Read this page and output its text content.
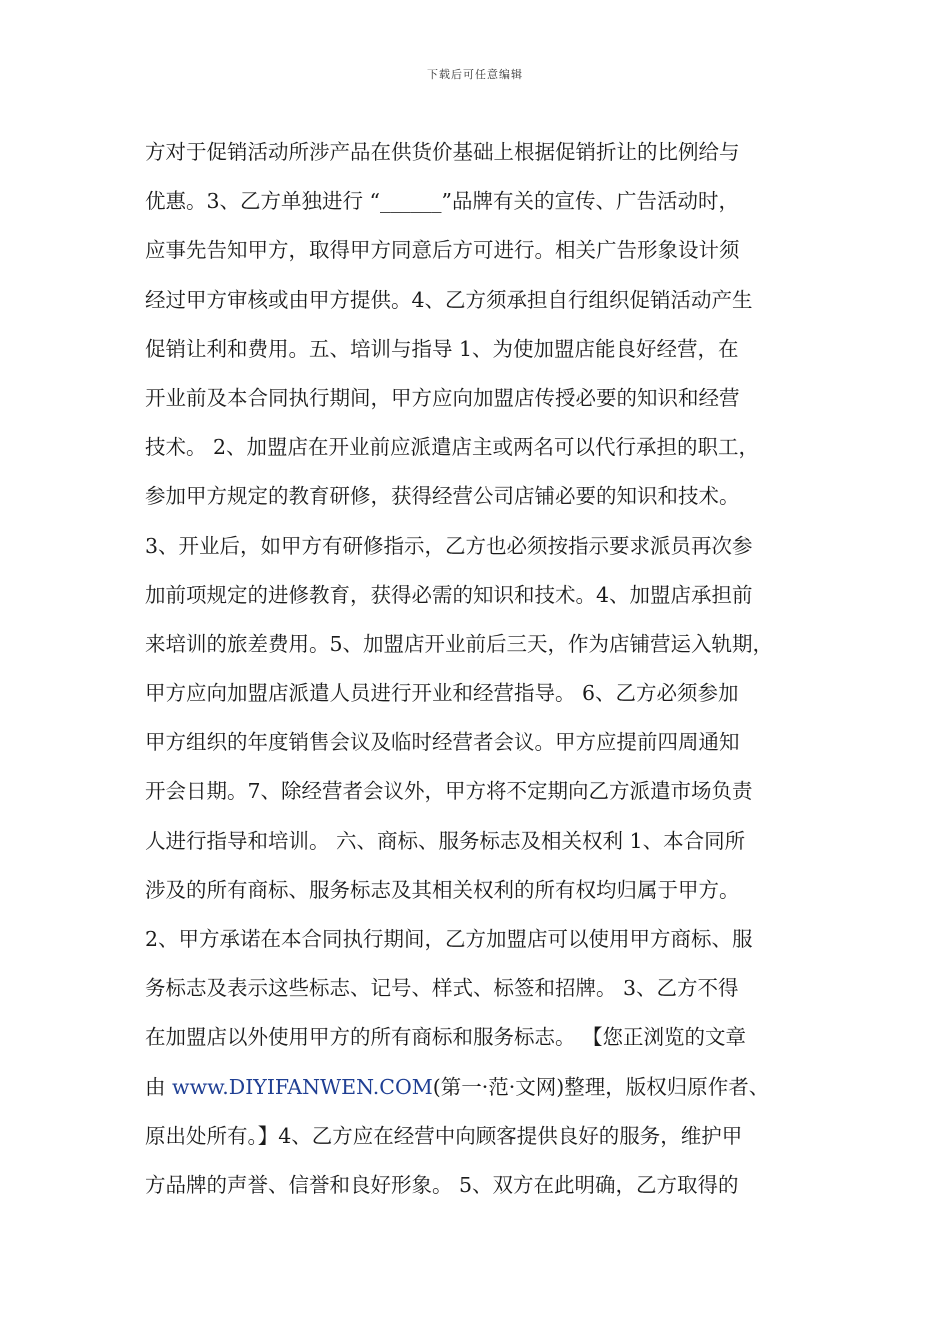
下载后可任意编辑
方对于促销活动所涉产品在供货价基础上根据促销折让的比例给与
优惠。3、乙方单独进行 “______”品牌有关的宣传、广告活动时，
应事先告知甲方，取得甲方同意后方可进行。相关广告形象设计须
经过甲方审核或由甲方提供。4、乙方须承担自行组织促销活动产生
促销让利和费用。五、培训与指导 1、为使加盟店能良好经营，在
开业前及本合同执行期间，甲方应向加盟店传授必要的知识和经营
技术。 2、加盟店在开业前应派遣店主或两名可以代行承担的职工，
参加甲方规定的教育研修，获得经营公司店铺必要的知识和技术。
3、开业后，如甲方有研修指示，乙方也必须按指示要求派员再次参
加前项规定的进修教育，获得必需的知识和技术。4、加盟店承担前
来培训的旅差费用。5、加盟店开业前后三天，作为店铺营运入轨期，
甲方应向加盟店派遣人员进行开业和经营指导。 6、乙方必须参加
甲方组织的年度销售会议及临时经营者会议。甲方应提前四周通知
开会日期。7、除经营者会议外，甲方将不定期向乙方派遣市场负责
人进行指导和培训。 六、商标、服务标志及相关权利 1、本合同所
涉及的所有商标、服务标志及其相关权利的所有权均归属于甲方。
2、甲方承诺在本合同执行期间，乙方加盟店可以使用甲方商标、服
务标志及表示这些标志、记号、样式、标签和招牌。 3、乙方不得
在加盟店以外使用甲方的所有商标和服务标志。 【您正浏览的文章
由 www.DIYIFANWEN.COM(第一·范·文网)整理，版权归原作者、
原出处所有。】4、乙方应在经营中向顾客提供良好的服务，维护甲
方品牌的声誉、信誉和良好形象。 5、双方在此明确，乙方取得的
